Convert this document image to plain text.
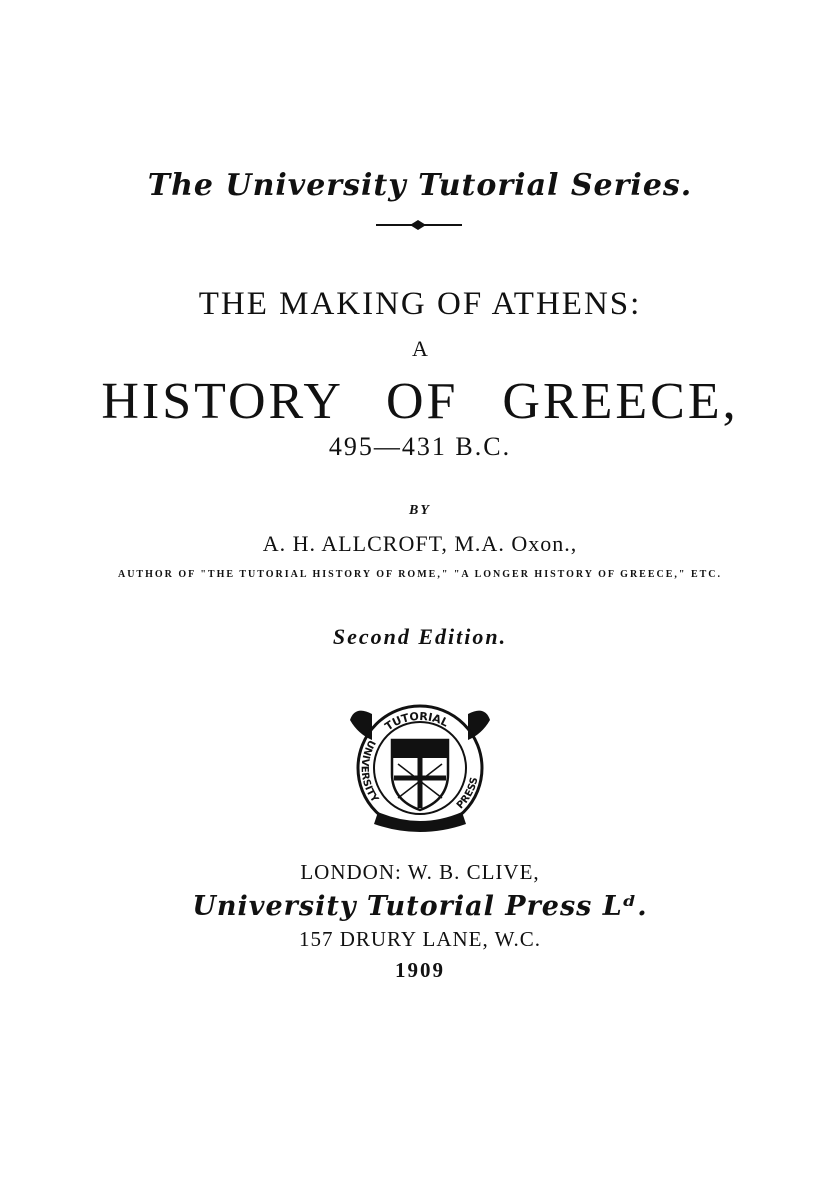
The University Tutorial Series.
THE MAKING OF ATHENS:
A
HISTORY OF GREECE,
495—431 B.C.
BY
A. H. ALLCROFT, M.A. Oxon.,
AUTHOR OF "THE TUTORIAL HISTORY OF ROME," "A LONGER HISTORY OF GREECE," ETC.
Second Edition.
TUTORIAL
UNIVERSITY	PRESS
LONDON: W. B. CLIVE,
University Tutorial Press Lᵈ.
157 DRURY LANE, W.C.
1909
